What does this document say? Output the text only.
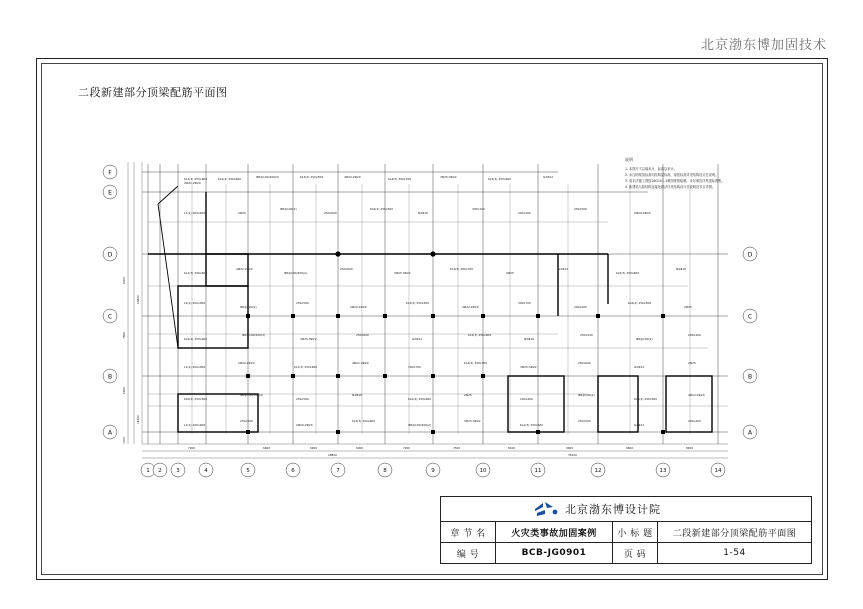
北京渤东博加固技术
二段新建部分顶梁配筋平面图
A
B
C
D
E
F
A
B
C
D
1 2	3	4	5	6	7	8	9	10	11	12	13	14
KL1(3) 250x600
2Φ20;2Φ20
KL2(4) 250x600	Φ8@100/200(2)	KL3(2) 250x500	4Φ22;2Φ20	KL4(5) 300x700	3Φ25;3Φ22	KL5(3) 250x600	G2Φ12
L1(1) 200x400	2Φ25
Φ8@100(2)
250x600
KL6(2) 250x500
N4Φ16
300x700
200x400
250x500
2Φ20;2Φ20
KL1(3) 250x600
4Φ22;2Φ20
Φ8@100/200(2)
250x600
3Φ25;3Φ22
KL4(5) 300x700
2Φ25
G2Φ12
KL5(3) 250x600
N4Φ16
L2(1) 200x400
Φ8@100(2)
250x500
2Φ20;2Φ20
KL3(2) 250x500
4Φ22;2Φ20
300x700
200x400
KL6(2) 250x500
2Φ25
KL2(4) 250x600
Φ8@100/200(2)
3Φ25;3Φ22
250x600
G2Φ12
KL5(3) 250x600
N4Φ16
250x500
Φ8@100(2)
200x400
L1(1) 200x400
2Φ20;2Φ20
KL1(3) 250x600
4Φ22;2Φ20
300x700
KL4(5) 300x700
3Φ25;3Φ22
250x600
G2Φ12
2Φ25
KL6(2) 250x500
Φ8@100/200(2)
250x500
N4Φ16
KL2(4) 250x600
2Φ25
200x400
Φ8@100(2)
KL3(2) 250x500
4Φ22;2Φ20
L2(1) 200x400
250x600
2Φ20;2Φ20
KL5(3) 250x600
Φ8@100/200(2)
3Φ25;3Φ22
KL1(3) 250x600
250x500
G2Φ12
200x400
7200
6600
7800
6000
21600
13800
7200	6600	6000	6900	7200	7500	8100	9000	9600	8400
28800	35100
说明
1. 本图尺寸以毫米计，标高以米计。
2. 未注明梁顶标高同结构层标高，梁底标高详见结构设计总说明。
3. 梁平法施工图按16G101-1制图规则绘制，未尽事宜详见国标图集。
4. 新建梁与原结构连接处做法详见结构设计总说明及节点详图。
北京渤东博设计院
章 节 名	火灾类事故加固案例	小 标 题	二段新建部分顶梁配筋平面图
编 号	BCB-JG0901	页 码	1-54
